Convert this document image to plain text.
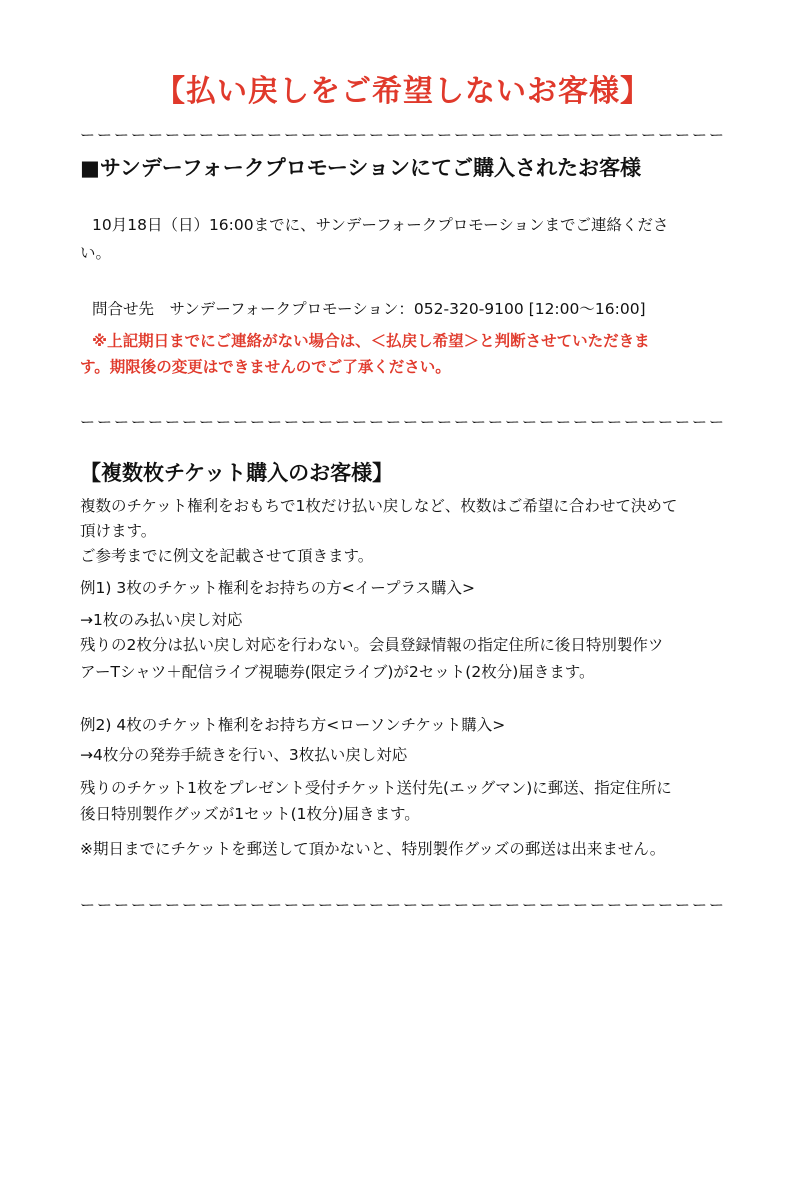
【払い戻しをご希望しないお客様】
ーーーーーーーーーーーーーーーーーーーーーーーーーーーーーーーーーーーーーー
■サンデーフォークプロモーションにてご購入されたお客様
10月18日（日）16:00までに、サンデーフォークプロモーションまでご連絡くださ
い。
問合せ先　サンデーフォークプロモーション：052-320-9100 [12:00〜16:00]
※上記期日までにご連絡がない場合は、＜払戻し希望＞と判断させていただきま
す。期限後の変更はできませんのでご了承ください。
ーーーーーーーーーーーーーーーーーーーーーーーーーーーーーーーーーーーーーー
【複数枚チケット購入のお客様】
複数のチケット権利をおもちで1枚だけ払い戻しなど、枚数はご希望に合わせて決めて
頂けます。
ご参考までに例文を記載させて頂きます。
例1) 3枚のチケット権利をお持ちの方<イープラス購入>
→1枚のみ払い戻し対応
残りの2枚分は払い戻し対応を行わない。会員登録情報の指定住所に後日特別製作ツ
アーTシャツ＋配信ライブ視聴券(限定ライブ)が2セット(2枚分)届きます。
例2) 4枚のチケット権利をお持ち方<ローソンチケット購入>
→4枚分の発券手続きを行い、3枚払い戻し対応
残りのチケット1枚をプレゼント受付チケット送付先(エッグマン)に郵送、指定住所に
後日特別製作グッズが1セット(1枚分)届きます。
※期日までにチケットを郵送して頂かないと、特別製作グッズの郵送は出来ません。
ーーーーーーーーーーーーーーーーーーーーーーーーーーーーーーーーーーーーーー
